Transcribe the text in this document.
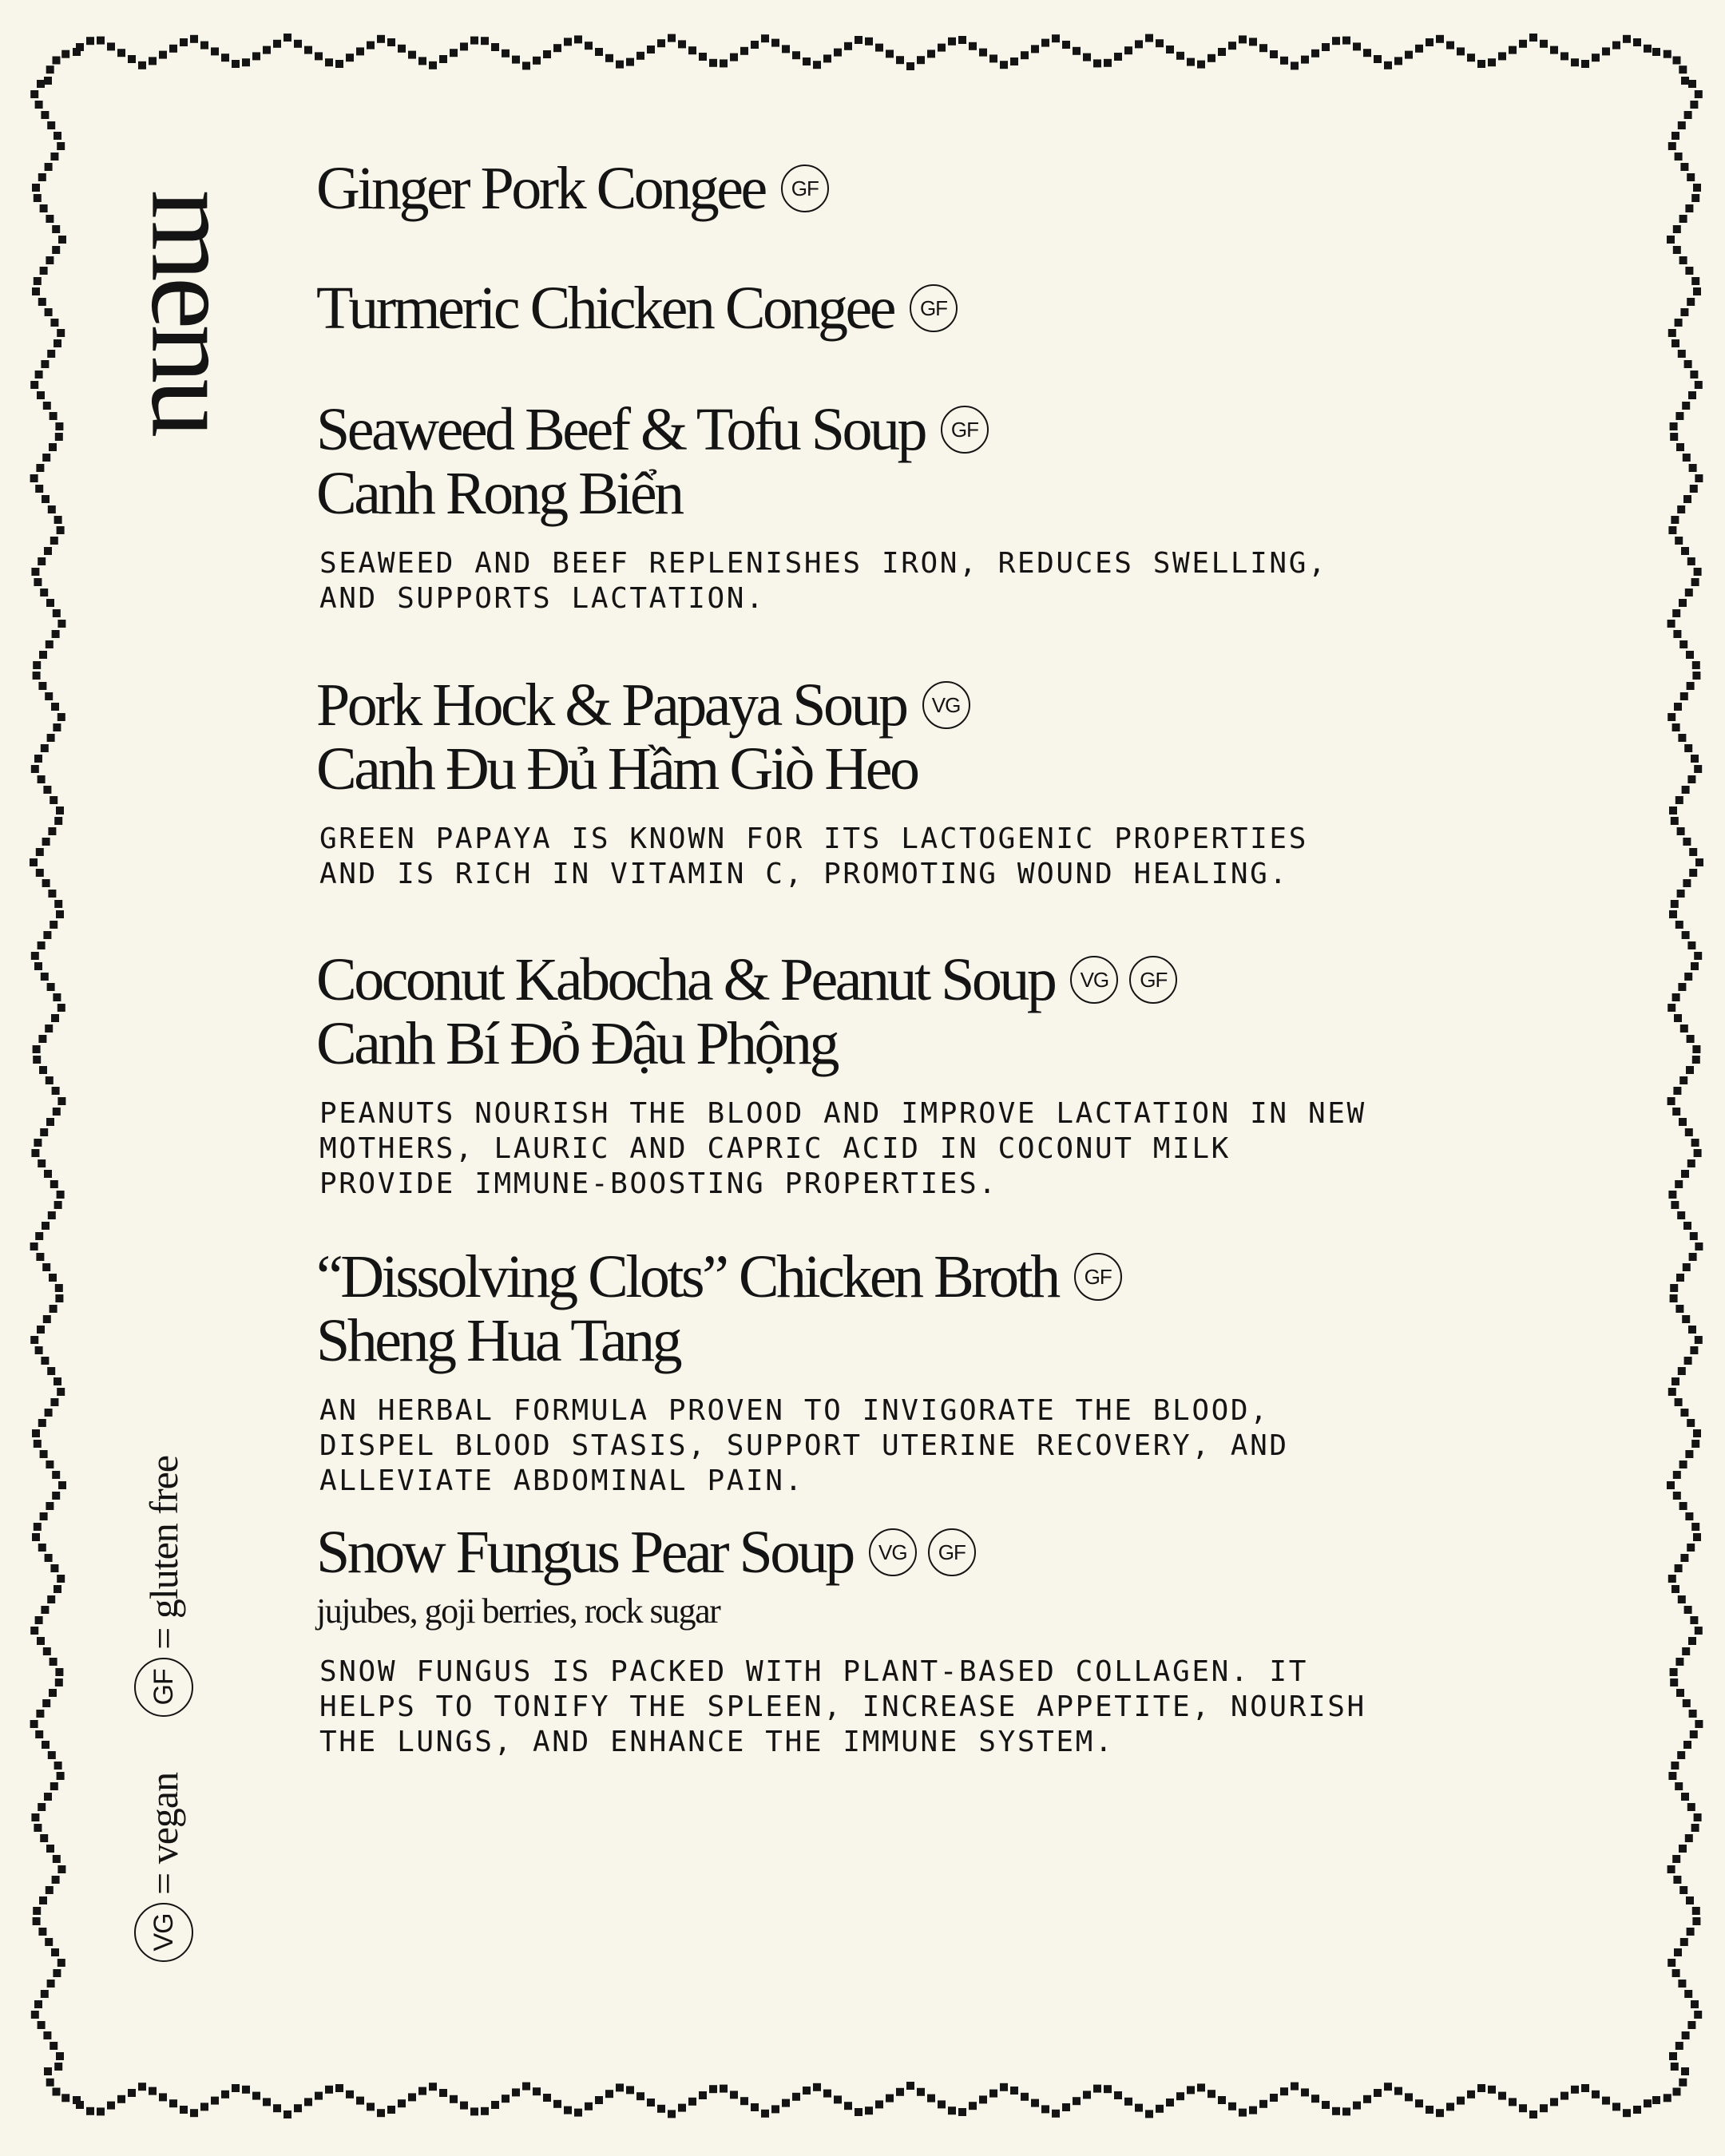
menu
Ginger Pork Congee	GF
Turmeric Chicken Congee	GF
Seaweed Beef & Tofu Soup	GF
Canh Rong Biển
SEAWEED AND BEEF REPLENISHES IRON, REDUCES SWELLING,
AND SUPPORTS LACTATION.
Pork Hock & Papaya Soup	VG
Canh Đu Đủ Hầm Giò Heo
GREEN PAPAYA IS KNOWN FOR ITS LACTOGENIC PROPERTIES
AND IS RICH IN VITAMIN C, PROMOTING WOUND HEALING.
Coconut Kabocha & Peanut Soup	VG	GF
Canh Bí Đỏ Đậu Phộng
PEANUTS NOURISH THE BLOOD AND IMPROVE LACTATION IN NEW
MOTHERS, LAURIC AND CAPRIC ACID IN COCONUT MILK
PROVIDE IMMUNE-BOOSTING PROPERTIES.
“Dissolving Clots” Chicken Broth	GF
Sheng Hua Tang
AN HERBAL FORMULA PROVEN TO INVIGORATE THE BLOOD,
DISPEL BLOOD STASIS, SUPPORT UTERINE RECOVERY, AND
ALLEVIATE ABDOMINAL PAIN.
Snow Fungus Pear Soup	VG	GF
jujubes, goji berries, rock sugar
SNOW FUNGUS IS PACKED WITH PLANT-BASED COLLAGEN. IT
HELPS TO TONIFY THE SPLEEN, INCREASE APPETITE, NOURISH
THE LUNGS, AND ENHANCE THE IMMUNE SYSTEM.
VG
= vegan
GF
= gluten free
